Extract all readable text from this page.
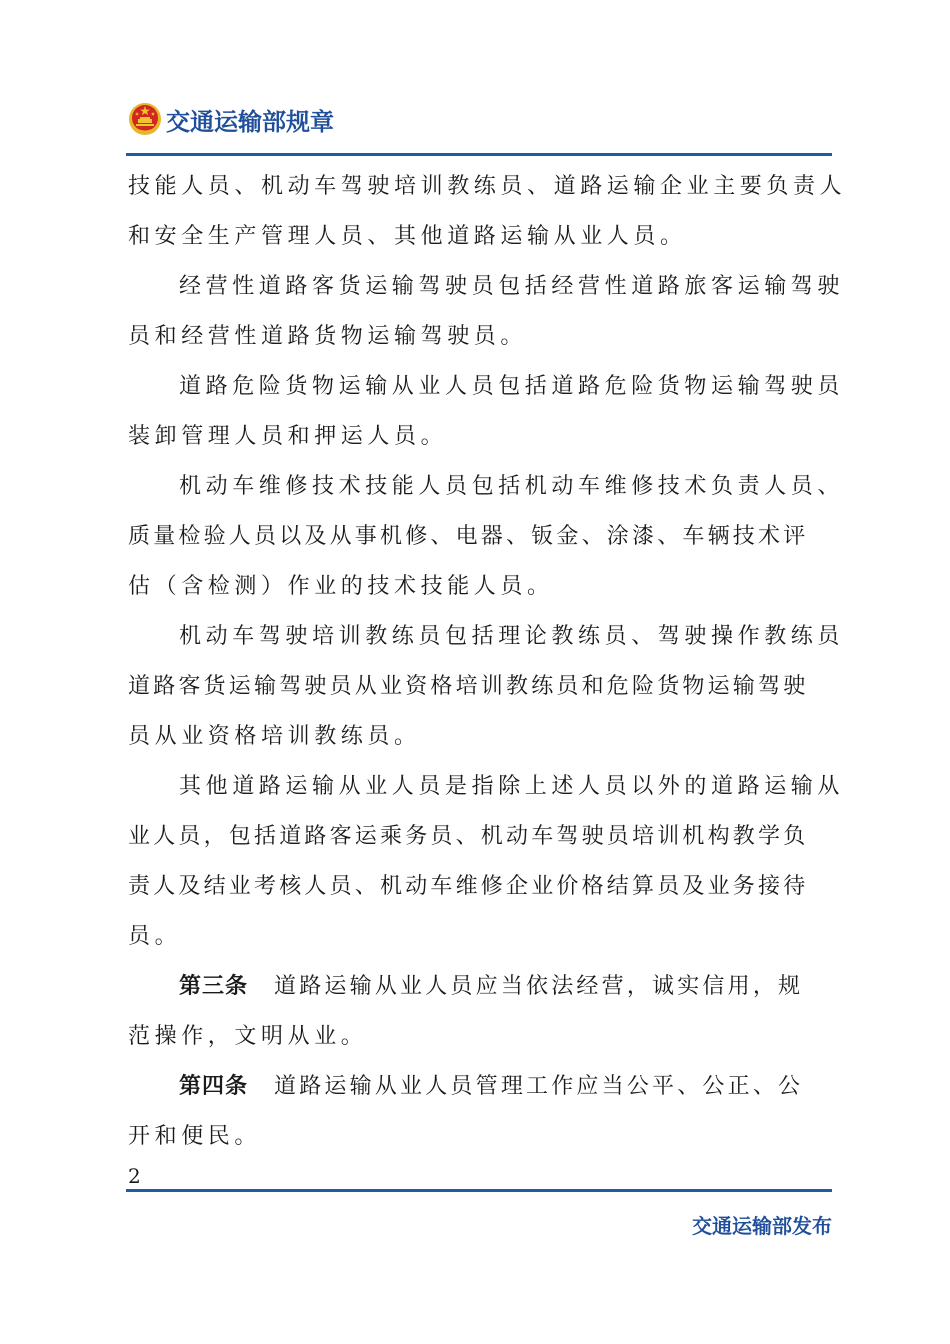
交通运输部规章
技能人员、机动车驾驶培训教练员、道路运输企业主要负责人
和安全生产管理人员、其他道路运输从业人员。
经营性道路客货运输驾驶员包括经营性道路旅客运输驾驶
员和经营性道路货物运输驾驶员。
道路危险货物运输从业人员包括道路危险货物运输驾驶员
装卸管理人员和押运人员。
机动车维修技术技能人员包括机动车维修技术负责人员、
质量检验人员以及从事机修、电器、钣金、涂漆、车辆技术评
估（含检测）作业的技术技能人员。
机动车驾驶培训教练员包括理论教练员、驾驶操作教练员
道路客货运输驾驶员从业资格培训教练员和危险货物运输驾驶
员从业资格培训教练员。
其他道路运输从业人员是指除上述人员以外的道路运输从
业人员，包括道路客运乘务员、机动车驾驶员培训机构教学负
责人及结业考核人员、机动车维修企业价格结算员及业务接待
员。
第三条 道路运输从业人员应当依法经营，诚实信用，规
范操作，文明从业。
第四条 道路运输从业人员管理工作应当公平、公正、公
开和便民。
2
交通运输部发布
